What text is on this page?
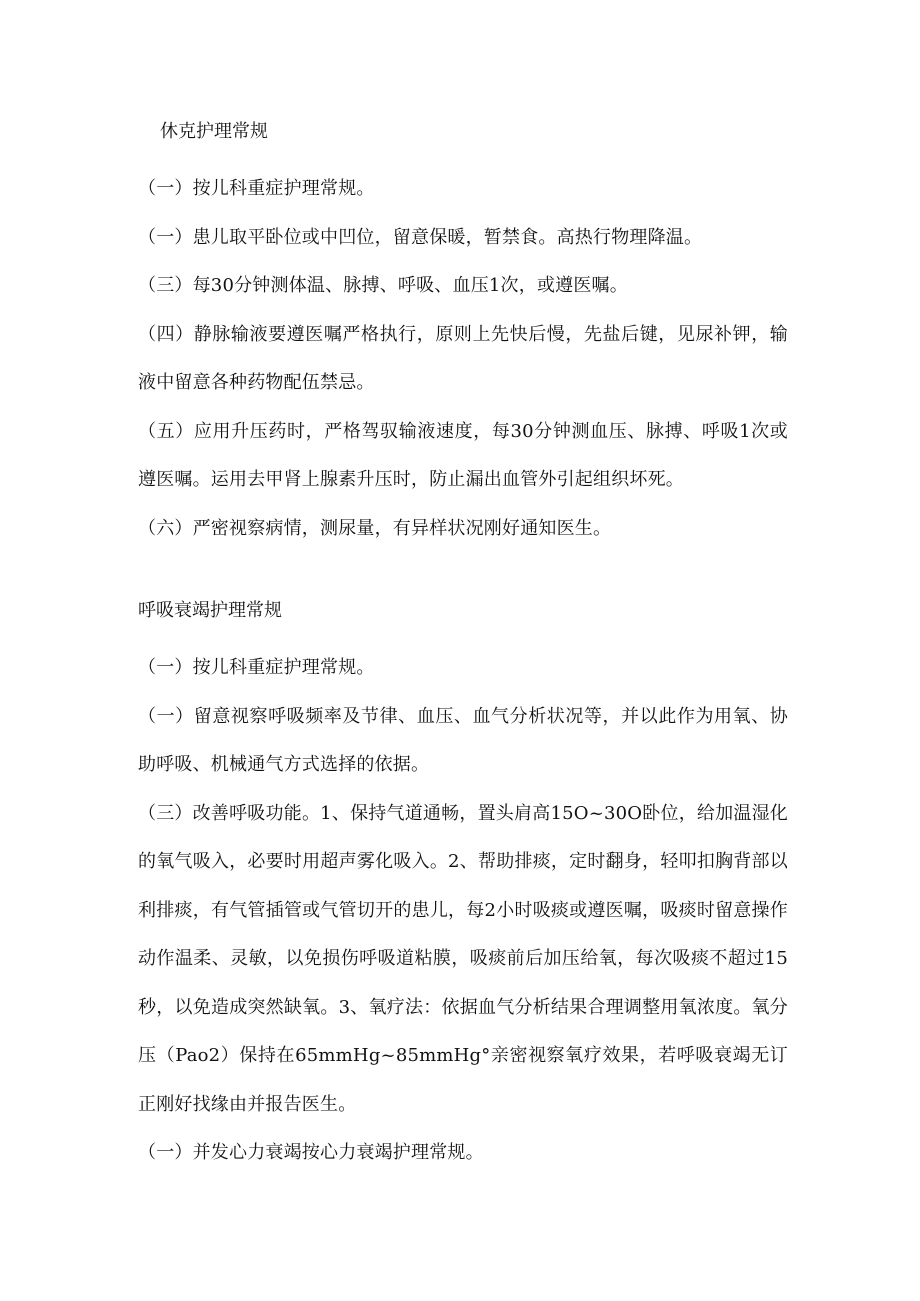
休克护理常规

（一）按儿科重症护理常规。

（一）患儿取平卧位或中凹位，留意保暖，暂禁食。高热行物理降温。

（三）每30分钟测体温、脉搏、呼吸、血压1次，或遵医嘱。

（四）静脉输液要遵医嘱严格执行，原则上先快后慢，先盐后键，见尿补钾，输液中留意各种药物配伍禁忌。

（五）应用升压药时，严格驾驭输液速度，每30分钟测血压、脉搏、呼吸1次或遵医嘱。运用去甲肾上腺素升压时，防止漏出血管外引起组织坏死。

（六）严密视察病情，测尿量，有异样状况刚好通知医生。

呼吸衰竭护理常规

（一）按儿科重症护理常规。

（一）留意视察呼吸频率及节律、血压、血气分析状况等，并以此作为用氧、协助呼吸、机械通气方式选择的依据。

（三）改善呼吸功能。1、保持气道通畅，置头肩高15O~30O卧位，给加温湿化的氧气吸入，必要时用超声雾化吸入。2、帮助排痰，定时翻身，轻叩扣胸背部以利排痰，有气管插管或气管切开的患儿，每2小时吸痰或遵医嘱，吸痰时留意操作动作温柔、灵敏，以免损伤呼吸道粘膜，吸痰前后加压给氧，每次吸痰不超过15秒，以免造成突然缺氧。3、氧疗法：依据血气分析结果合理调整用氧浓度。氧分压（Pao2）保持在65mmHg~85mmHg°亲密视察氧疗效果，若呼吸衰竭无订正刚好找缘由并报告医生。

（一）并发心力衰竭按心力衰竭护理常规。
